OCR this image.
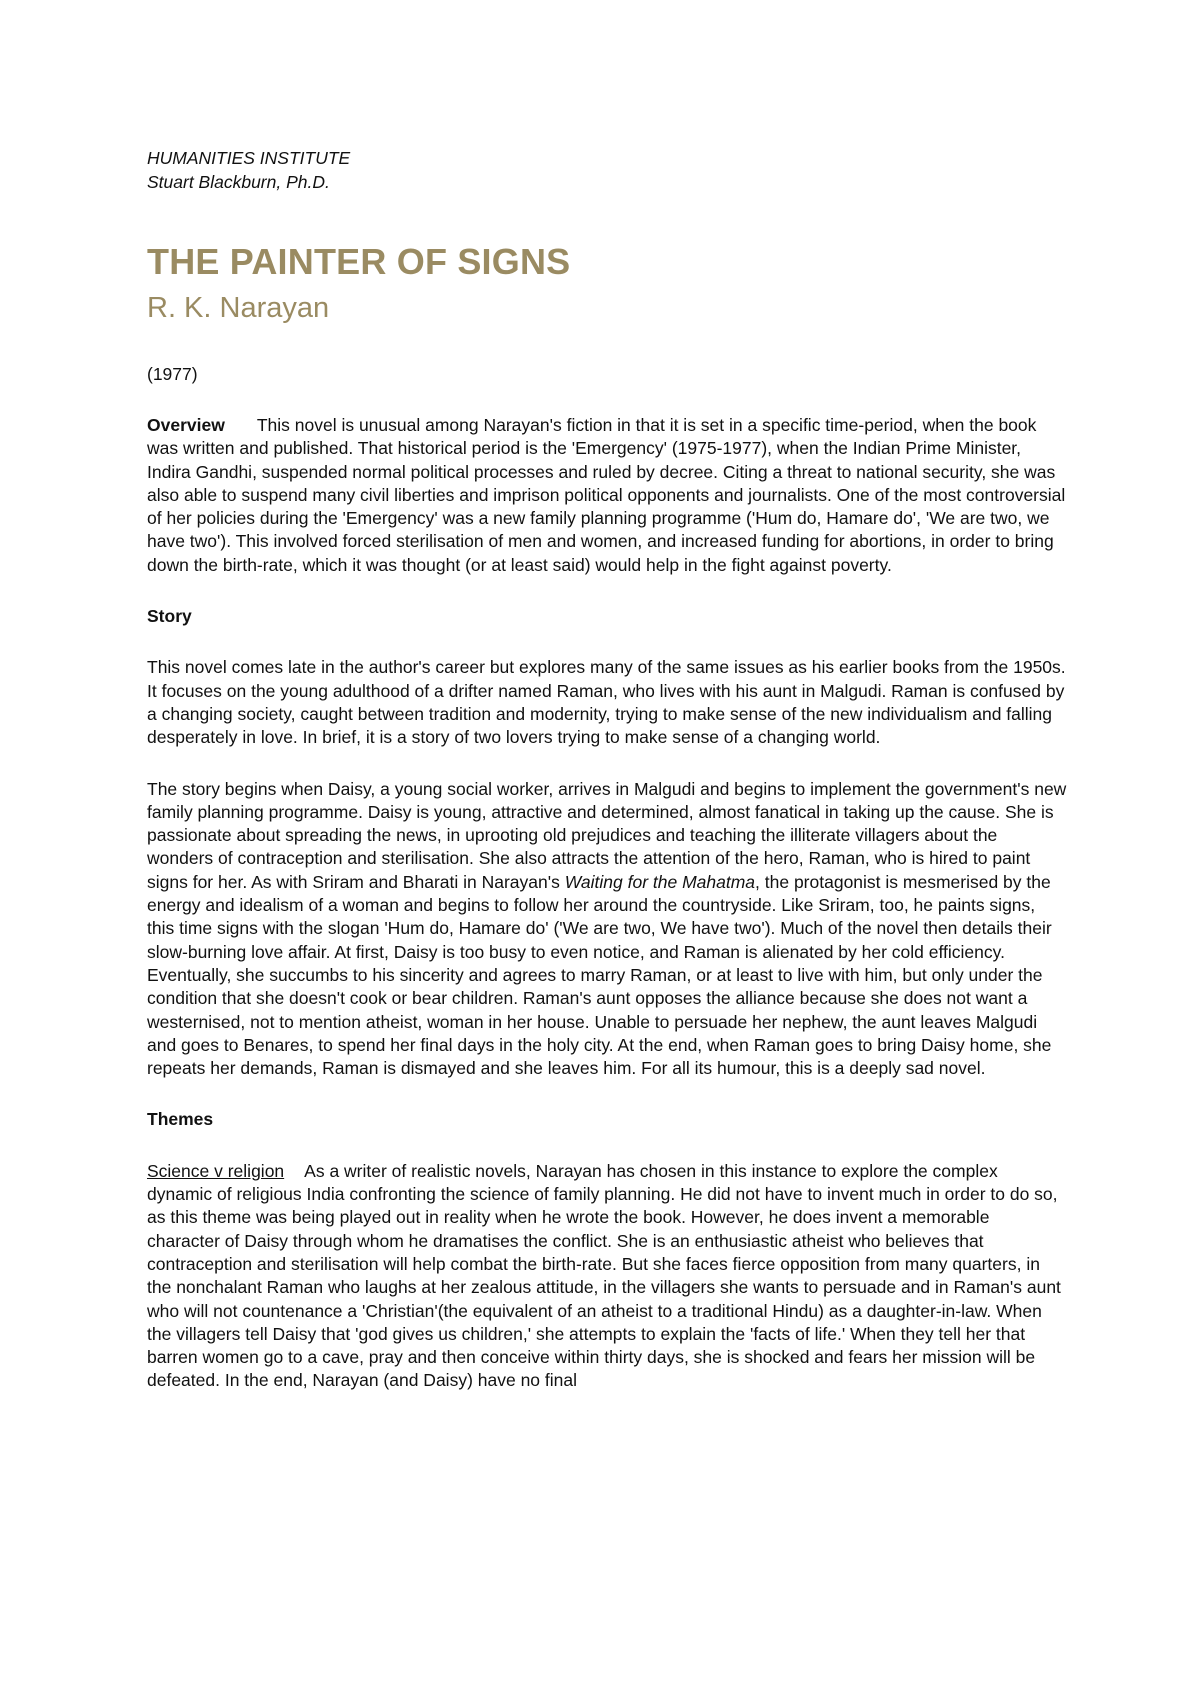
HUMANITIES INSTITUTE

Stuart Blackburn, Ph.D.

THE PAINTER OF SIGNS

R. K. Narayan

(1977)

Overview This novel is unusual among Narayan's fiction in that it is set in a specific time-period, when the book was written and published. That historical period is the 'Emergency' (1975-1977), when the Indian Prime Minister, Indira Gandhi, suspended normal political processes and ruled by decree. Citing a threat to national security, she was also able to suspend many civil liberties and imprison political opponents and journalists. One of the most controversial of her policies during the 'Emergency' was a new family planning programme ('Hum do, Hamare do', 'We are two, we have two'). This involved forced sterilisation of men and women, and increased funding for abortions, in order to bring down the birth-rate, which it was thought (or at least said) would help in the fight against poverty.

Story

This novel comes late in the author's career but explores many of the same issues as his earlier books from the 1950s. It focuses on the young adulthood of a drifter named Raman, who lives with his aunt in Malgudi. Raman is confused by a changing society, caught between tradition and modernity, trying to make sense of the new individualism and falling desperately in love. In brief, it is a story of two lovers trying to make sense of a changing world.

The story begins when Daisy, a young social worker, arrives in Malgudi and begins to implement the government's new family planning programme. Daisy is young, attractive and determined, almost fanatical in taking up the cause. She is passionate about spreading the news, in uprooting old prejudices and teaching the illiterate villagers about the wonders of contraception and sterilisation. She also attracts the attention of the hero, Raman, who is hired to paint signs for her. As with Sriram and Bharati in Narayan's Waiting for the Mahatma, the protagonist is mesmerised by the energy and idealism of a woman and begins to follow her around the countryside. Like Sriram, too, he paints signs, this time signs with the slogan 'Hum do, Hamare do' ('We are two, We have two'). Much of the novel then details their slow-burning love affair. At first, Daisy is too busy to even notice, and Raman is alienated by her cold efficiency. Eventually, she succumbs to his sincerity and agrees to marry Raman, or at least to live with him, but only under the condition that she doesn't cook or bear children. Raman's aunt opposes the alliance because she does not want a westernised, not to mention atheist, woman in her house. Unable to persuade her nephew, the aunt leaves Malgudi and goes to Benares, to spend her final days in the holy city. At the end, when Raman goes to bring Daisy home, she repeats her demands, Raman is dismayed and she leaves him. For all its humour, this is a deeply sad novel.

Themes

Science v religion As a writer of realistic novels, Narayan has chosen in this instance to explore the complex dynamic of religious India confronting the science of family planning. He did not have to invent much in order to do so, as this theme was being played out in reality when he wrote the book. However, he does invent a memorable character of Daisy through whom he dramatises the conflict. She is an enthusiastic atheist who believes that contraception and sterilisation will help combat the birth-rate. But she faces fierce opposition from many quarters, in the nonchalant Raman who laughs at her zealous attitude, in the villagers she wants to persuade and in Raman's aunt who will not countenance a 'Christian'(the equivalent of an atheist to a traditional Hindu) as a daughter-in-law. When the villagers tell Daisy that 'god gives us children,' she attempts to explain the 'facts of life.' When they tell her that barren women go to a cave, pray and then conceive within thirty days, she is shocked and fears her mission will be defeated. In the end, Narayan (and Daisy) have no final
